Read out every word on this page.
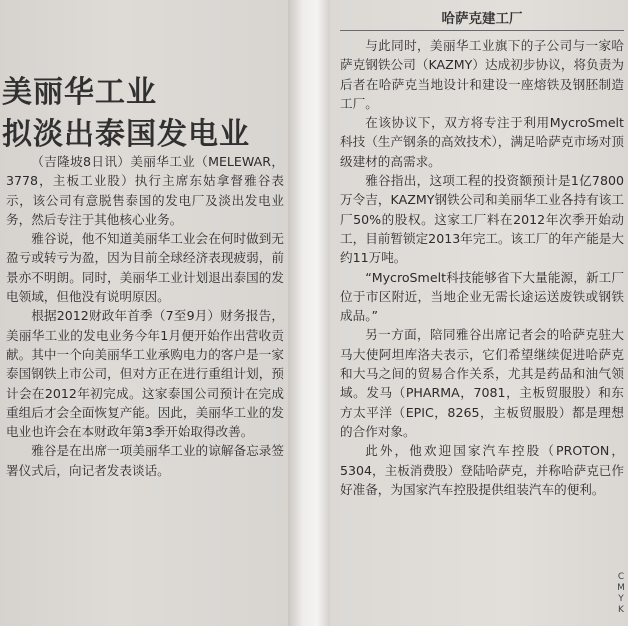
美丽华工业
拟淡出泰国发电业

（吉隆坡8日讯）美丽华工业（MELEWAR，3778，主板工业股）执行主席东姑拿督雅谷表示，该公司有意脱售泰国的发电厂及淡出发电业务，然后专注于其他核心业务。

雅谷说，他不知道美丽华工业会在何时做到无盈亏或转亏为盈，因为目前全球经济表现疲弱，前景亦不明朗。同时，美丽华工业计划退出泰国的发电领域，但他没有说明原因。

根据2012财政年首季（7至9月）财务报告，美丽华工业的发电业务今年1月便开始作出营收贡献。其中一个向美丽华工业承购电力的客户是一家泰国钢铁上市公司，但对方正在进行重组计划，预计会在2012年初完成。这家泰国公司预计在完成重组后才会全面恢复产能。因此，美丽华工业的发电业也许会在本财政年第3季开始取得改善。

雅谷是在出席一项美丽华工业的谅解备忘录签署仪式后，向记者发表谈话。

哈萨克建工厂

与此同时，美丽华工业旗下的子公司与一家哈萨克钢铁公司（KAZMY）达成初步协议，将负责为后者在哈萨克当地设计和建设一座熔铁及钢胚制造工厂。

在该协议下，双方将专注于利用MycroSmelt科技（生产钢条的高效技术），满足哈萨克市场对顶级建材的高需求。

雅谷指出，这项工程的投资额预计是1亿7800万令吉，KAZMY钢铁公司和美丽华工业各持有该工厂50%的股权。这家工厂料在2012年次季开始动工，目前暂锁定2013年完工。该工厂的年产能是大约11万吨。

“MycroSmelt科技能够省下大量能源，新工厂位于市区附近，当地企业无需长途运送废铁或钢铁成品。”

另一方面，陪同雅谷出席记者会的哈萨克驻大马大使阿坦库洛夫表示，它们希望继续促进哈萨克和大马之间的贸易合作关系，尤其是药品和油气领域。发马（PHARMA，7081，主板贸服股）和东方太平洋（EPIC，8265，主板贸服股）都是理想的合作对象。

此外，他欢迎国家汽车控股（PROTON，5304，主板消费股）登陆哈萨克，并称哈萨克已作好准备，为国家汽车控股提供组装汽车的便利。

C
M
Y
K
